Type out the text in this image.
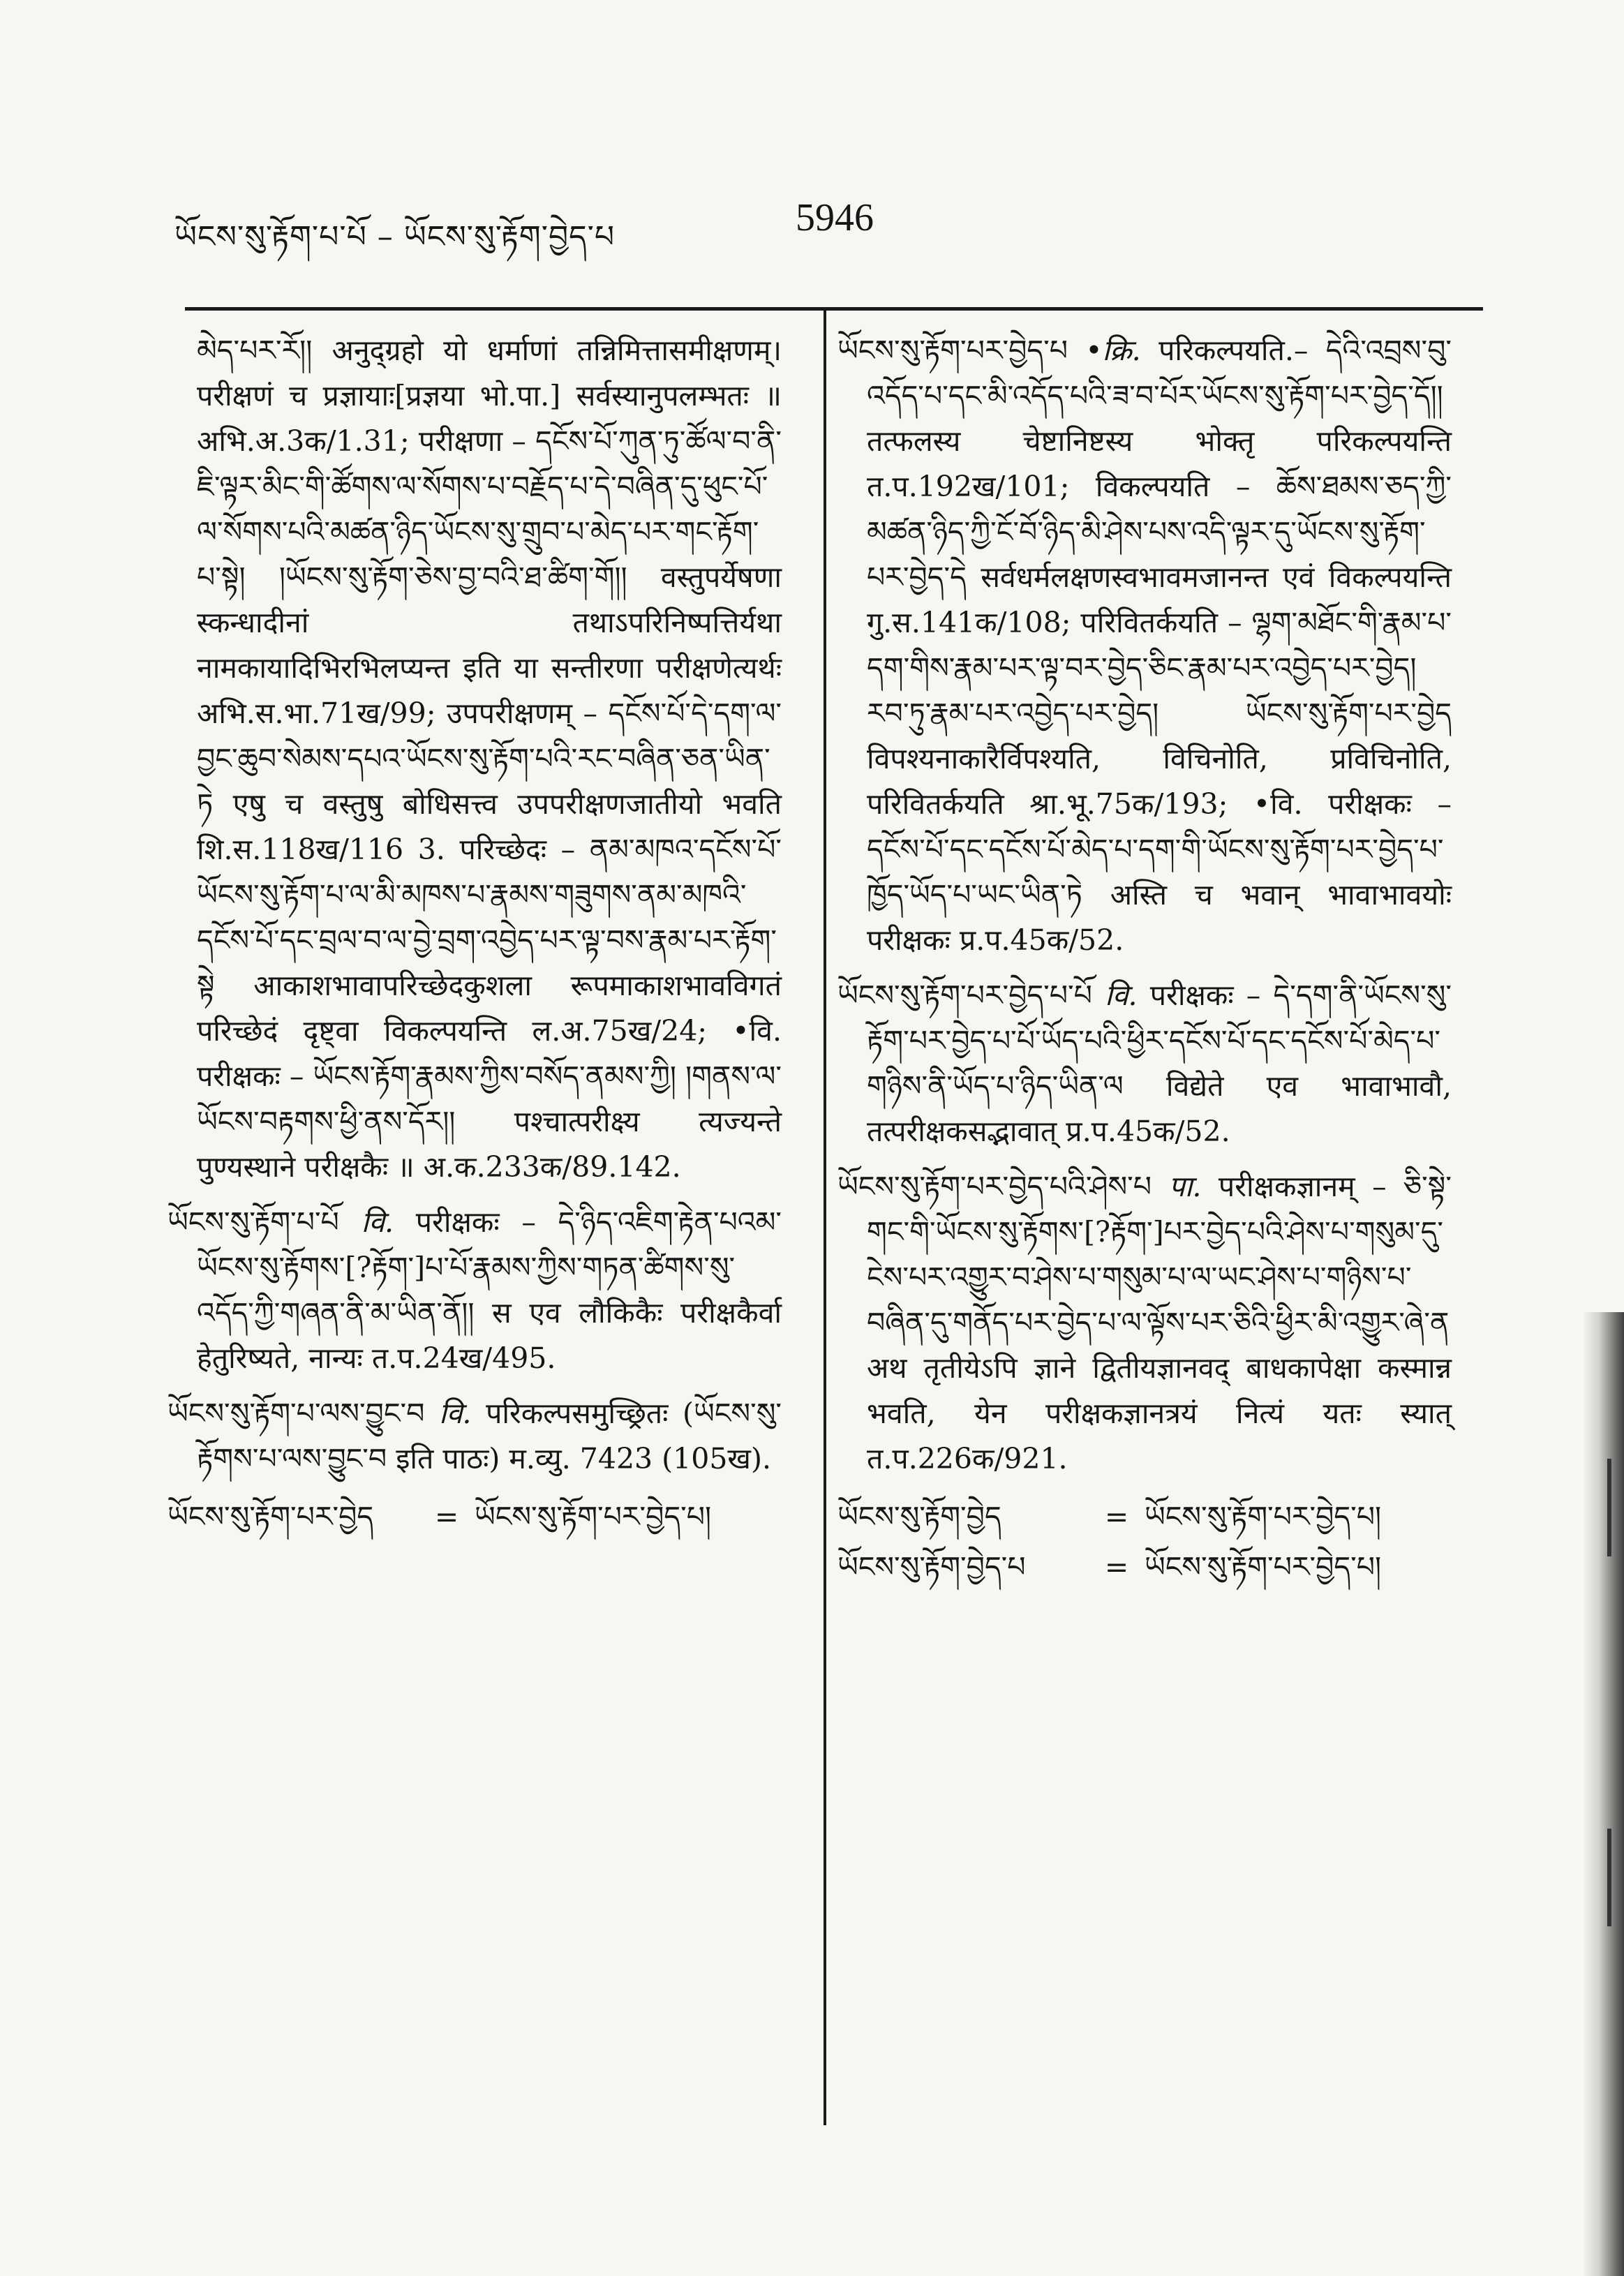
ཡོངས་སུ་རྟོག་པ་པོ – ཡོངས་སུ་རྟོག་བྱེད་པ	5946
མེད་པར་རོ།། अनुद्ग्रहो यो धर्माणां तन्निमित्तासमीक्षणम्। परीक्षणं च प्रज्ञायाः[प्रज्ञया भो.पा.] सर्वस्यानुपलम्भतः ॥ अभि.अ.3क/1.31; परीक्षणा – དངོས་པོ་ཀུན་ཏུ་ཚོལ་བ་ནི་ཇི་ལྟར་མིང་གི་ཚོགས་ལ་སོགས་པ་བརྗོད་པ་དེ་བཞིན་དུ་ཕུང་པོ་ལ་སོགས་པའི་མཚན་ཉིད་ཡོངས་སུ་གྲུབ་པ་མེད་པར་གང་རྟོག་པ་སྟེ། །ཡོངས་སུ་རྟོག་ཅེས་བྱ་བའི་ཐ་ཚིག་གོ།། वस्तुपर्येषणा स्कन्धादीनां तथाऽपरिनिष्पत्तिर्यथा नामकायादिभिरभिलप्यन्त इति या सन्तीरणा परीक्षणेत्यर्थः अभि.स.भा.71ख/99; उपपरीक्षणम् – དངོས་པོ་དེ་དག་ལ་བྱང་ཆུབ་སེམས་དཔའ་ཡོངས་སུ་རྟོག་པའི་རང་བཞིན་ཅན་ཡིན་ཏེ एषु च वस्तुषु बोधिसत्त्व उपपरीक्षणजातीयो भवति शि.स.118ख/116 3. परिच्छेदः – ནམ་མཁའ་དངོས་པོ་ཡོངས་སུ་རྟོག་པ་ལ་མི་མཁས་པ་རྣམས་གཟུགས་ནམ་མཁའི་དངོས་པོ་དང་བྲལ་བ་ལ་བྱེ་བྲག་འབྱེད་པར་ལྟ་བས་རྣམ་པར་རྟོག་སྟེ आकाशभावापरिच्छेदकुशला रूपमाकाशभावविगतं परिच्छेदं दृष्ट्वा विकल्पयन्ति ल.अ.75ख/24; •वि. परीक्षकः – ཡོངས་རྟོག་རྣམས་ཀྱིས་བསོད་ནམས་ཀྱི། །གནས་ལ་ཡོངས་བརྟགས་ཕྱི་ནས་དོར།། पश्चात्परीक्ष्य त्यज्यन्ते पुण्यस्थाने परीक्षकैः ॥ अ.क.233क/89.142.
ཡོངས་སུ་རྟོག་པ་པོ वि. परीक्षकः – དེ་ཉིད་འཇིག་རྟེན་པའམ་ཡོངས་སུ་རྟོགས་[?རྟོག་]པ་པོ་རྣམས་ཀྱིས་གཏན་ཚིགས་སུ་འདོད་ཀྱི་གཞན་ནི་མ་ཡིན་ནོ།། स एव लौकिकैः परीक्षकैर्वा हेतुरिष्यते, नान्यः त.प.24ख/495.
ཡོངས་སུ་རྟོག་པ་ལས་བྱུང་བ वि. परिकल्पसमुच्छ्रितः (ཡོངས་སུ་རྟོགས་པ་ལས་བྱུང་བ इति पाठः) म.व्यु. 7423 (105ख).
ཡོངས་སུ་རྟོག་པར་བྱེད	= ཡོངས་སུ་རྟོག་པར་བྱེད་པ།
ཡོངས་སུ་རྟོག་པར་བྱེད་པ •क्रि. परिकल्पयति.– དེའི་འབྲས་བུ་འདོད་པ་དང་མི་འདོད་པའི་ཟ་བ་པོར་ཡོངས་སུ་རྟོག་པར་བྱེད་དོ།། तत्फलस्य चेष्टानिष्टस्य भोक्तृ परिकल्पयन्ति त.प.192ख/101; विकल्पयति – ཆོས་ཐམས་ཅད་ཀྱི་མཚན་ཉིད་ཀྱི་ངོ་བོ་ཉིད་མི་ཤེས་པས་འདི་ལྟར་དུ་ཡོངས་སུ་རྟོག་པར་བྱེད་དེ सर्वधर्मलक्षणस्वभावमजानन्त एवं विकल्पयन्ति गु.स.141क/108; परिवितर्कयति – ལྷག་མཐོང་གི་རྣམ་པ་དག་གིས་རྣམ་པར་ལྟ་བར་བྱེད་ཅིང་རྣམ་པར་འབྱེད་པར་བྱེད། རབ་ཏུ་རྣམ་པར་འབྱེད་པར་བྱེད། ཡོངས་སུ་རྟོག་པར་བྱེད विपश्यनाकारैर्विपश्यति, विचिनोति, प्रविचिनोति, परिवितर्कयति श्रा.भू.75क/193; •वि. परीक्षकः – དངོས་པོ་དང་དངོས་པོ་མེད་པ་དག་གི་ཡོངས་སུ་རྟོག་པར་བྱེད་པ་ཁྱོད་ཡོད་པ་ཡང་ཡིན་ཏེ अस्ति च भवान् भावाभावयोः परीक्षकः प्र.प.45क/52.
ཡོངས་སུ་རྟོག་པར་བྱེད་པ་པོ वि. परीक्षकः – དེ་དག་ནི་ཡོངས་སུ་རྟོག་པར་བྱེད་པ་པོ་ཡོད་པའི་ཕྱིར་དངོས་པོ་དང་དངོས་པོ་མེད་པ་གཉིས་ནི་ཡོད་པ་ཉིད་ཡིན་ལ विद्येते एव भावाभावौ, तत्परीक्षकसद्भावात् प्र.प.45क/52.
ཡོངས་སུ་རྟོག་པར་བྱེད་པའི་ཤེས་པ पा. परीक्षकज्ञानम् – ཅི་སྟེ་གང་གི་ཡོངས་སུ་རྟོགས་[?རྟོག་]པར་བྱེད་པའི་ཤེས་པ་གསུམ་དུ་ངེས་པར་འགྱུར་བ་ཤེས་པ་གསུམ་པ་ལ་ཡང་ཤེས་པ་གཉིས་པ་བཞིན་དུ་གནོད་པར་བྱེད་པ་ལ་ལྟོས་པར་ཅིའི་ཕྱིར་མི་འགྱུར་ཞེ་ན अथ तृतीयेऽपि ज्ञाने द्वितीयज्ञानवद् बाधकापेक्षा कस्मान्न भवति, येन परीक्षकज्ञानत्रयं नित्यं यतः स्यात् त.प.226क/921.
ཡོངས་སུ་རྟོག་བྱེད	= ཡོངས་སུ་རྟོག་པར་བྱེད་པ།
ཡོངས་སུ་རྟོག་བྱེད་པ	= ཡོངས་སུ་རྟོག་པར་བྱེད་པ།
